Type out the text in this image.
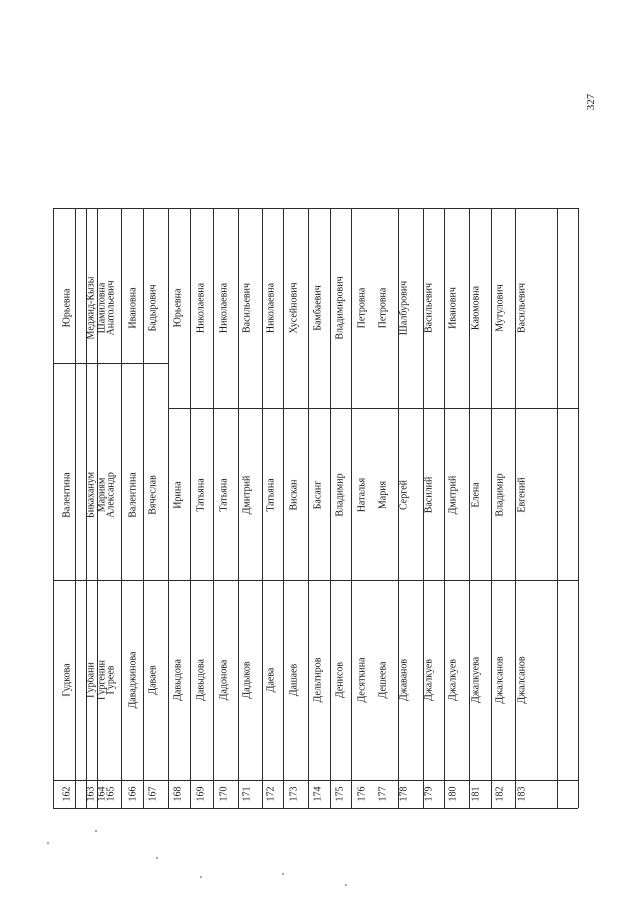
327
162
Гудкова
Валентина
Юрьевна
163
Гурбани
Бикаханум
Меджид-Кызы
164
Гургенин
Мариям
Шамиловна
165
Гуреев
Александр
Анатольевич
166
Даваджинова
Валентина
Ивановна
167
Даваев
Вячеслав
Бадырович
168
Давыдова
Ирина
Юрьевна
169
Давыдова
Татьяна
Николаевна
170
Дадонова
Татьяна
Николаевна
171
Дадыков
Дмитрий
Васильевич
172
Даева
Татьяна
Николаевна
173
Дашаев
Вискан
Хусейнович
174
Дельтиров
Басанг
Бамбаевич
175
Денисов
Владимир
Владимирович
176
Десяткина
Наталья
Петровна
177
Дешеева
Мария
Петровна
178
Джаванов
Сергей
Шалбурович
179
Джалкуев
Василий
Васильевич
180
Джалкуев
Дмитрий
Иванович
181
Джалкуева
Елена
Каюмовна
182
Джалсанов
Владимир
Мутулович
183
Джалсанов
Евгений
Васильевич
